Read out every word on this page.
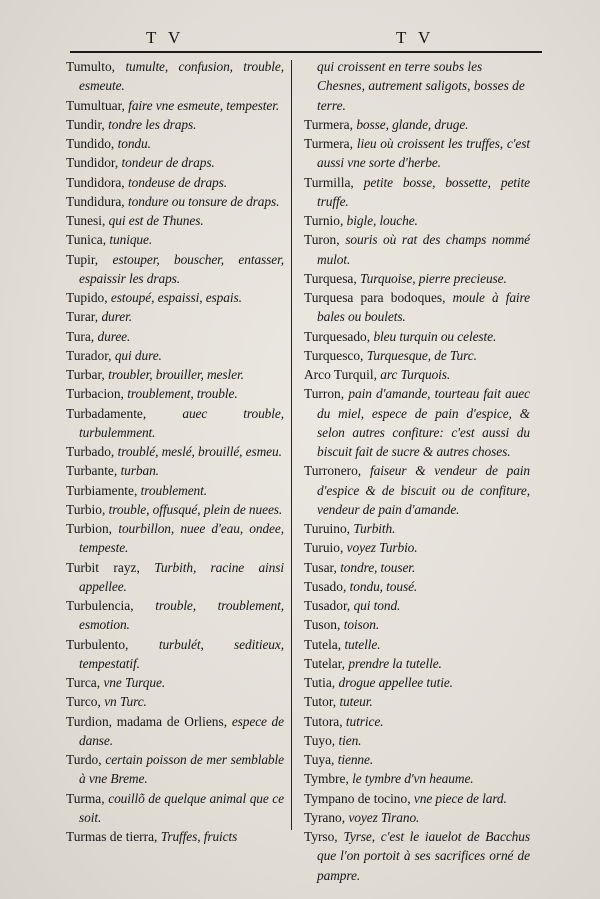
T V	T V

Tumulto, tumulte, confusion, trouble, esmeute.

Tumultuar, faire vne esmeute, tempester.

Tundir, tondre les draps.

Tundido, tondu.

Tundidor, tondeur de draps.

Tundidora, tondeuse de draps.

Tundidura, tondure ou tonsure de draps.

Tunesi, qui est de Thunes.

Tunica, tunique.

Tupir, estouper, bouscher, entasser, espaissir les draps.

Tupido, estoupé, espaissi, espais.

Turar, durer.

Tura, duree.

Turador, qui dure.

Turbar, troubler, brouiller, mesler.

Turbacion, troublement, trouble.

Turbadamente, auec trouble, turbulemment.

Turbado, troublé, meslé, brouillé, esmeu.

Turbante, turban.

Turbiamente, troublement.

Turbio, trouble, offusqué, plein de nuees.

Turbion, tourbillon, nuee d'eau, ondee, tempeste.

Turbit rayz, Turbith, racine ainsi appellee.

Turbulencia, trouble, troublement, esmotion.

Turbulento, turbulét, seditieux, tempestatif.

Turca, vne Turque.

Turco, vn Turc.

Turdion, madama de Orliens, espece de danse.

Turdo, certain poisson de mer semblable à vne Breme.

Turma, couillõ de quelque animal que ce soit.

Turmas de tierra, Truffes, fruicts

qui croissent en terre soubs les Chesnes, autrement saligots, bosses de terre.

Turmera, bosse, glande, druge.

Turmera, lieu où croissent les truffes, c'est aussi vne sorte d'herbe.

Turmilla, petite bosse, bossette, petite truffe.

Turnio, bigle, louche.

Turon, souris où rat des champs nommé mulot.

Turquesa, Turquoise, pierre precieuse.

Turquesa para bodoques, moule à faire bales ou boulets.

Turquesado, bleu turquin ou celeste.

Turquesco, Turquesque, de Turc.

Arco Turquil, arc Turquois.

Turron, pain d'amande, tourteau fait auec du miel, espece de pain d'espice, & selon autres confiture: c'est aussi du biscuit fait de sucre & autres choses.

Turronero, faiseur & vendeur de pain d'espice & de biscuit ou de confiture, vendeur de pain d'amande.

Turuino, Turbith.

Turuio, voyez Turbio.

Tusar, tondre, touser.

Tusado, tondu, tousé.

Tusador, qui tond.

Tuson, toison.

Tutela, tutelle.

Tutelar, prendre la tutelle.

Tutia, drogue appellee tutie.

Tutor, tuteur.

Tutora, tutrice.

Tuyo, tien.

Tuya, tienne.

Tymbre, le tymbre d'vn heaume.

Tympano de tocino, vne piece de lard.

Tyrano, voyez Tirano.

Tyrso, Tyrse, c'est le iauelot de Bacchus que l'on portoit à ses sacrifices orné de pampre.
